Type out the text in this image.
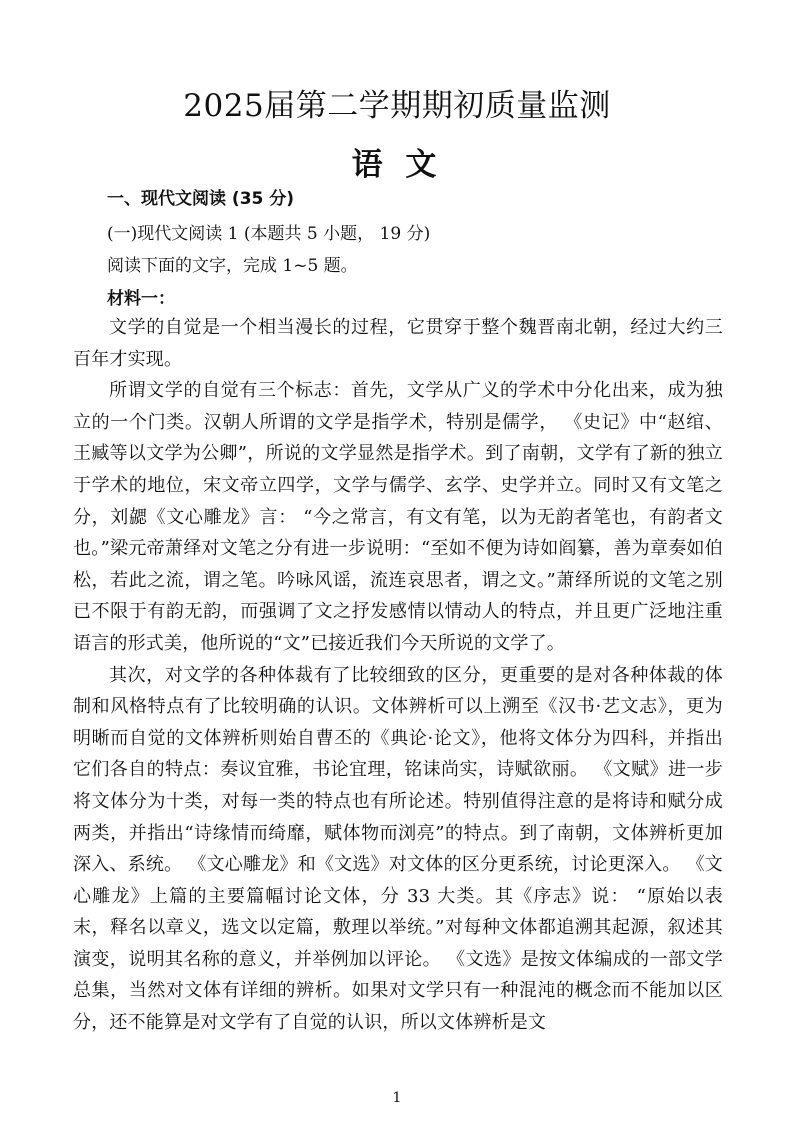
2025届第二学期期初质量监测
语 文
一、现代文阅读 (35 分)
(一)现代文阅读 1 (本题共 5 小题， 19 分)
阅读下面的文字，完成 1~5 题。
材料一：

文学的自觉是一个相当漫长的过程，它贯穿于整个魏晋南北朝，经过大约三百年才实现。

所谓文学的自觉有三个标志：首先，文学从广义的学术中分化出来，成为独立的一个门类。汉朝人所谓的文学是指学术，特别是儒学， 《史记》中“赵绾、王臧等以文学为公卿”，所说的文学显然是指学术。到了南朝，文学有了新的独立于学术的地位，宋文帝立四学，文学与儒学、玄学、史学并立。同时又有文笔之分，刘勰《文心雕龙》言： “今之常言，有文有笔，以为无韵者笔也，有韵者文也。”梁元帝萧绎对文笔之分有进一步说明：“至如不便为诗如阎纂，善为章奏如伯松，若此之流，谓之笔。吟咏风谣，流连哀思者，谓之文。”萧绎所说的文笔之别已不限于有韵无韵，而强调了文之抒发感情以情动人的特点，并且更广泛地注重语言的形式美，他所说的“文”已接近我们今天所说的文学了。

其次，对文学的各种体裁有了比较细致的区分，更重要的是对各种体裁的体制和风格特点有了比较明确的认识。文体辨析可以上溯至《汉书·艺文志》，更为明晰而自觉的文体辨析则始自曹丕的《典论·论文》，他将文体分为四科，并指出它们各自的特点：奏议宜雅，书论宜理，铭诔尚实，诗赋欲丽。 《文赋》进一步将文体分为十类，对每一类的特点也有所论述。特别值得注意的是将诗和赋分成两类，并指出“诗缘情而绮靡，赋体物而浏亮”的特点。到了南朝，文体辨析更加深入、系统。 《文心雕龙》和《文选》对文体的区分更系统，讨论更深入。 《文心雕龙》上篇的主要篇幅讨论文体，分 33 大类。其《序志》说： “原始以表末，释名以章义，选文以定篇，敷理以举统。”对每种文体都追溯其起源，叙述其演变，说明其名称的意义，并举例加以评论。 《文选》是按文体编成的一部文学总集，当然对文体有详细的辨析。如果对文学只有一种混沌的概念而不能加以区分，还不能算是对文学有了自觉的认识，所以文体辨析是文

1
